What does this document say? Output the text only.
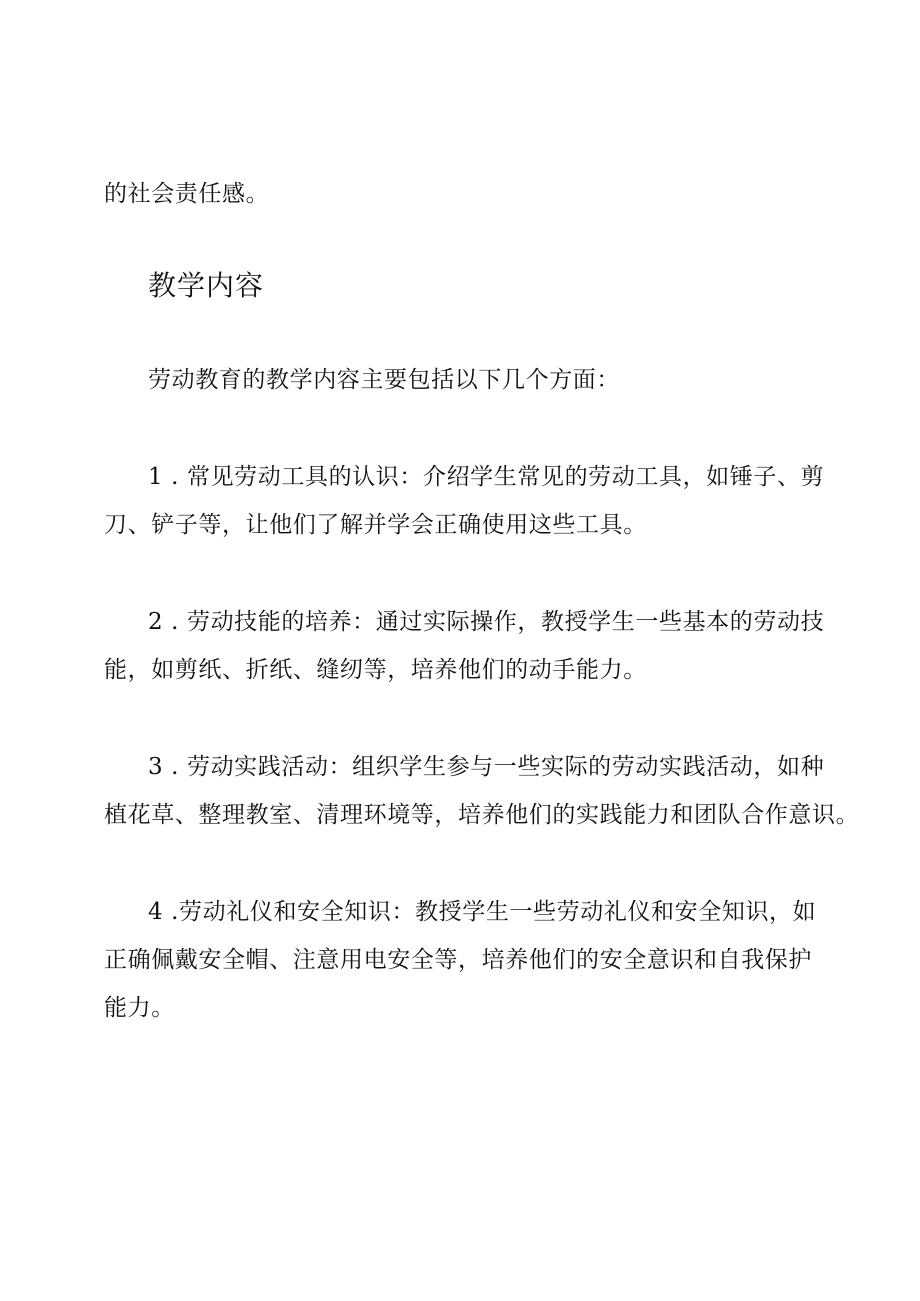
的社会责任感。
教学内容
劳动教育的教学内容主要包括以下几个方面：
1 . 常见劳动工具的认识：介绍学生常见的劳动工具，如锤子、剪
刀、铲子等，让他们了解并学会正确使用这些工具。
2 . 劳动技能的培养：通过实际操作，教授学生一些基本的劳动技
能，如剪纸、折纸、缝纫等，培养他们的动手能力。
3 . 劳动实践活动：组织学生参与一些实际的劳动实践活动，如种
植花草、整理教室、清理环境等，培养他们的实践能力和团队合作意识。
4 .劳动礼仪和安全知识：教授学生一些劳动礼仪和安全知识，如
正确佩戴安全帽、注意用电安全等，培养他们的安全意识和自我保护
能力。
